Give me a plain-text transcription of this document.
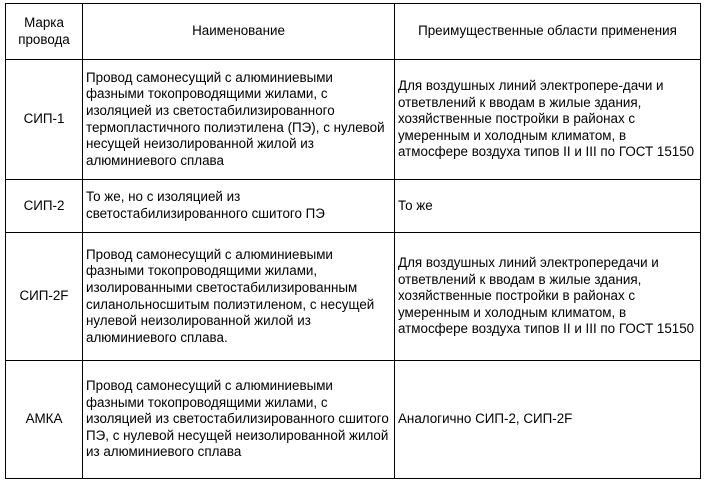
Марка провода	Наименование	Преимущественные области применения
СИП-1	Провод самонесущий с алюминиевыми фазными токопроводящими жилами, с изоляцией из светостабилизированного термопластичного полиэтилена (ПЭ), с нулевой несущей неизолированной жилой из алюминиевого сплава	Для воздушных линий электропере-дачи и ответвлений к вводам в жилые здания, хозяйственные постройки в районах с умеренным и холодным климатом, в атмосфере воздуха типов II и III по ГОСТ 15150
СИП-2	То же, но с изоляцией из светостабилизированного сшитого ПЭ	То же
СИП-2F	Провод самонесущий с алюминиевыми фазными токопроводящими жилами, изолированными светостабилизированным силанольносшитым полиэтиленом, с несущей нулевой неизолированной жилой из алюминиевого сплава.	Для воздушных линий электропередачи и ответвлений к вводам в жилые здания, хозяйственные постройки в районах с умеренным и холодным климатом, в атмосфере воздуха типов II и III по ГОСТ 15150
АМКА	Провод самонесущий с алюминиевыми фазными токопроводящими жилами, с изоляцией из светостабилизированного сшитого ПЭ, с нулевой несущей неизолированной жилой из алюминиевого сплава	Аналогично СИП-2, СИП-2F
